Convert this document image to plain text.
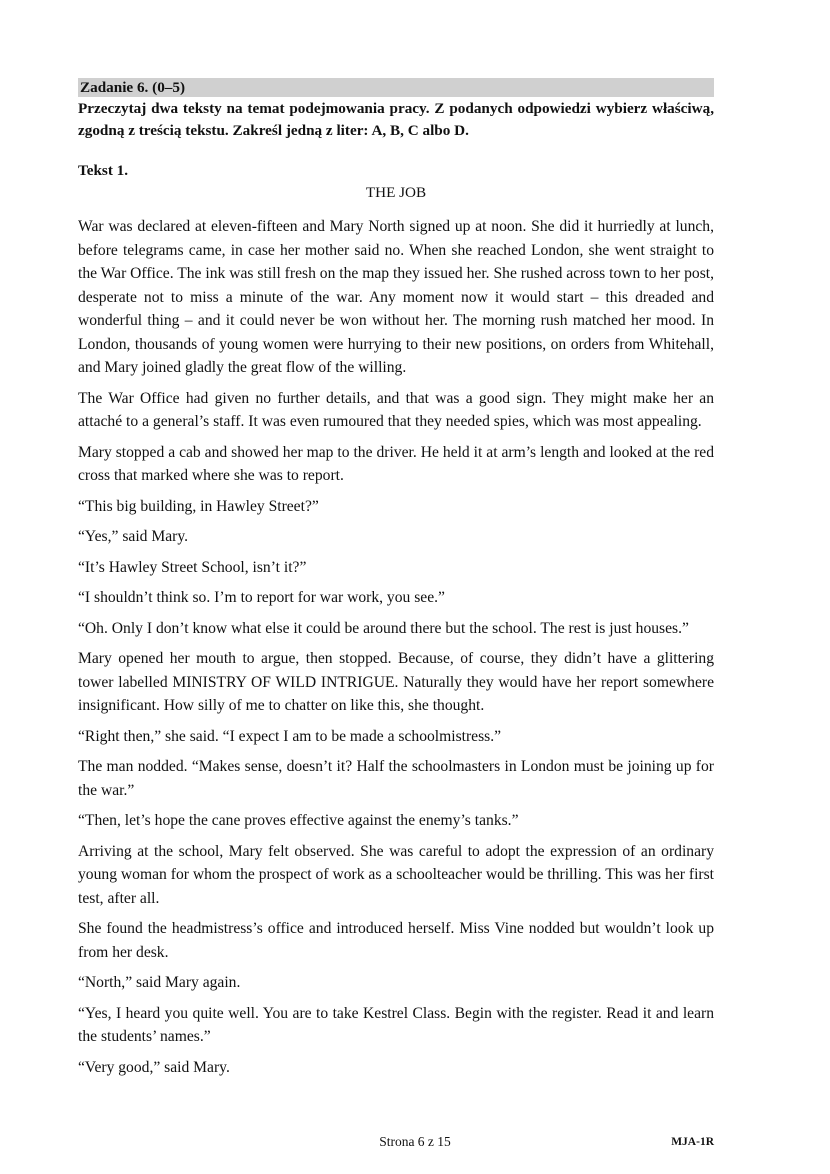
Zadanie 6. (0–5)
Przeczytaj dwa teksty na temat podejmowania pracy. Z podanych odpowiedzi wybierz właściwą, zgodną z treścią tekstu. Zakreśl jedną z liter: A, B, C albo D.
Tekst 1.
THE JOB

War was declared at eleven-fifteen and Mary North signed up at noon. She did it hurriedly at lunch, before telegrams came, in case her mother said no. When she reached London, she went straight to the War Office. The ink was still fresh on the map they issued her. She rushed across town to her post, desperate not to miss a minute of the war. Any moment now it would start – this dreaded and wonderful thing – and it could never be won without her. The morning rush matched her mood. In London, thousands of young women were hurrying to their new positions, on orders from Whitehall, and Mary joined gladly the great flow of the willing.

The War Office had given no further details, and that was a good sign. They might make her an attaché to a general’s staff. It was even rumoured that they needed spies, which was most appealing.

Mary stopped a cab and showed her map to the driver. He held it at arm’s length and looked at the red cross that marked where she was to report.

“This big building, in Hawley Street?”

“Yes,” said Mary.

“It’s Hawley Street School, isn’t it?”

“I shouldn’t think so. I’m to report for war work, you see.”

“Oh. Only I don’t know what else it could be around there but the school. The rest is just houses.”

Mary opened her mouth to argue, then stopped. Because, of course, they didn’t have a glittering tower labelled MINISTRY OF WILD INTRIGUE. Naturally they would have her report somewhere insignificant. How silly of me to chatter on like this, she thought.

“Right then,” she said. “I expect I am to be made a schoolmistress.”

The man nodded. “Makes sense, doesn’t it? Half the schoolmasters in London must be joining up for the war.”

“Then, let’s hope the cane proves effective against the enemy’s tanks.”

Arriving at the school, Mary felt observed. She was careful to adopt the expression of an ordinary young woman for whom the prospect of work as a schoolteacher would be thrilling. This was her first test, after all.

She found the headmistress’s office and introduced herself. Miss Vine nodded but wouldn’t look up from her desk.

“North,” said Mary again.

“Yes, I heard you quite well. You are to take Kestrel Class. Begin with the register. Read it and learn the students’ names.”

“Very good,” said Mary.

Strona 6 z 15	MJA-1R
